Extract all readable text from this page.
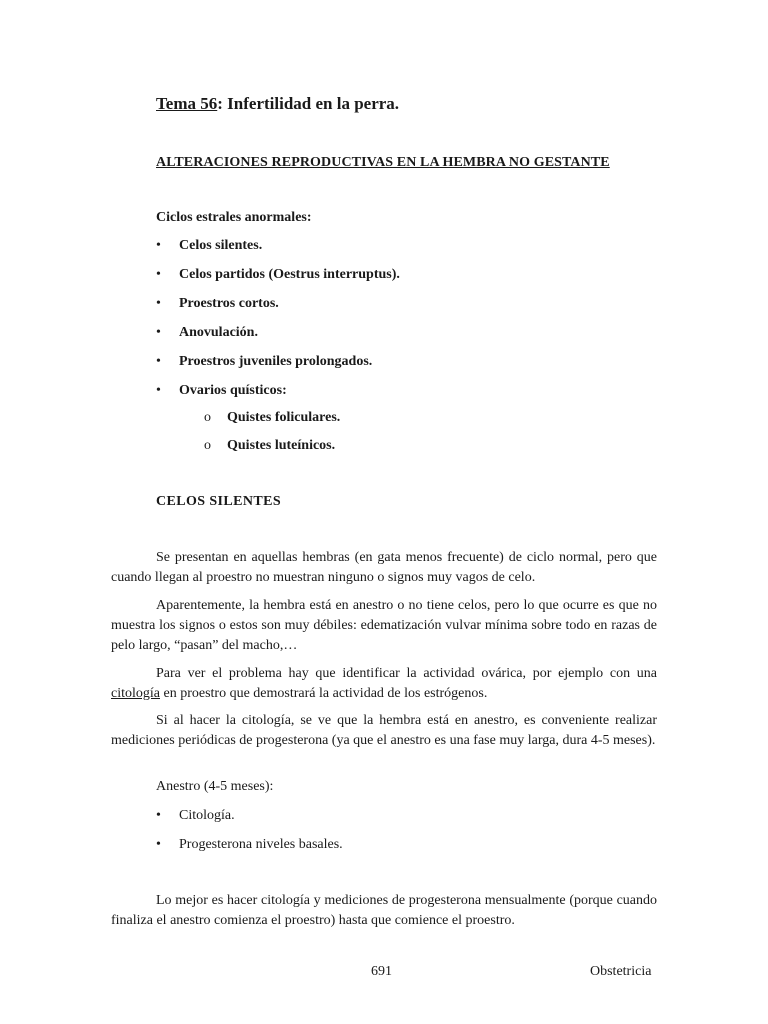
Tema 56: Infertilidad en la perra.
ALTERACIONES REPRODUCTIVAS EN LA HEMBRA NO GESTANTE
Ciclos estrales anormales:
• Celos silentes.
• Celos partidos (Oestrus interruptus).
• Proestros cortos.
• Anovulación.
• Proestros juveniles prolongados.
• Ovarios quísticos:
o Quistes foliculares.
o Quistes luteínicos.
CELOS SILENTES
Se presentan en aquellas hembras (en gata menos frecuente) de ciclo normal, pero que cuando llegan al proestro no muestran ninguno o signos muy vagos de celo.
Aparentemente, la hembra está en anestro o no tiene celos, pero lo que ocurre es que no muestra los signos o estos son muy débiles: edematización vulvar mínima sobre todo en razas de pelo largo, “pasan” del macho,…
Para ver el problema hay que identificar la actividad ovárica, por ejemplo con una citología en proestro que demostrará la actividad de los estrógenos.
Si al hacer la citología, se ve que la hembra está en anestro, es conveniente realizar mediciones periódicas de progesterona (ya que el anestro es una fase muy larga, dura 4-5 meses).
Anestro (4-5 meses):
• Citología.
• Progesterona niveles basales.
Lo mejor es hacer citología y mediciones de progesterona mensualmente (porque cuando finaliza el anestro comienza el proestro) hasta que comience el proestro.
691	Obstetricia
